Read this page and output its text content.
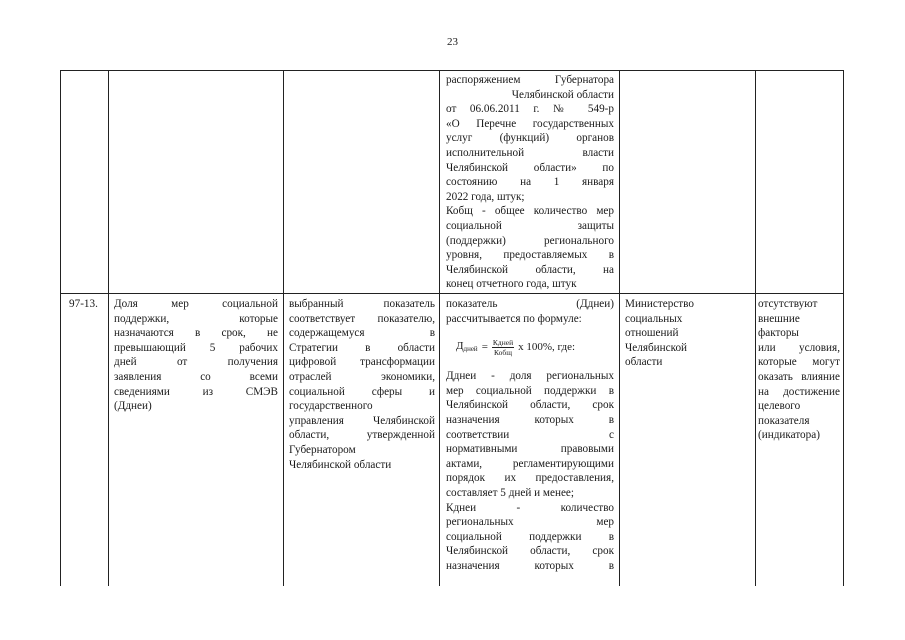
23
распоряжением Губернатора
Челябинской области
от 06.06.2011 г. № 549-р
«О Перечне государственных
услуг (функций) органов
исполнительной власти
Челябинской области» по
состоянию на 1 января
2022 года, штук;
Кобщ - общее количество мер
социальной защиты
(поддержки) регионального
уровня, предоставляемых в
Челябинской области, на
конец отчетного года, штук
97-13.	Доля мер социальной
поддержки, которые
назначаются в срок, не
превышающий 5 рабочих
дней от получения
заявления со всеми
сведениями из СМЭВ
(Дднеи)
выбранный показатель
соответствует показателю,
содержащемуся в
Стратегии в области
цифровой трансформации
отраслей экономики,
социальной сферы и
государственного
управления Челябинской
области, утвержденной
Губернатором
Челябинской области
показатель (Дднеи)
рассчитывается по формуле:
$Д_{дней} = \frac{\text{Кдней}}{\text{Кобщ}}$ х 100%, где:
Дднеи - доля региональных
мер социальной поддержки в
Челябинской области, срок
назначения которых в
соответствии с
нормативными правовыми
актами, регламентирующими
порядок их предоставления,
составляет 5 дней и менее;
Кднеи - количество
региональных мер
социальной поддержки в
Челябинской области, срок
назначения которых в
Министерство
социальных
отношений
Челябинской
области
отсутствуют
внешние факторы
или условия,
которые могут
оказать влияние
на достижение
целевого
показателя
(индикатора)
